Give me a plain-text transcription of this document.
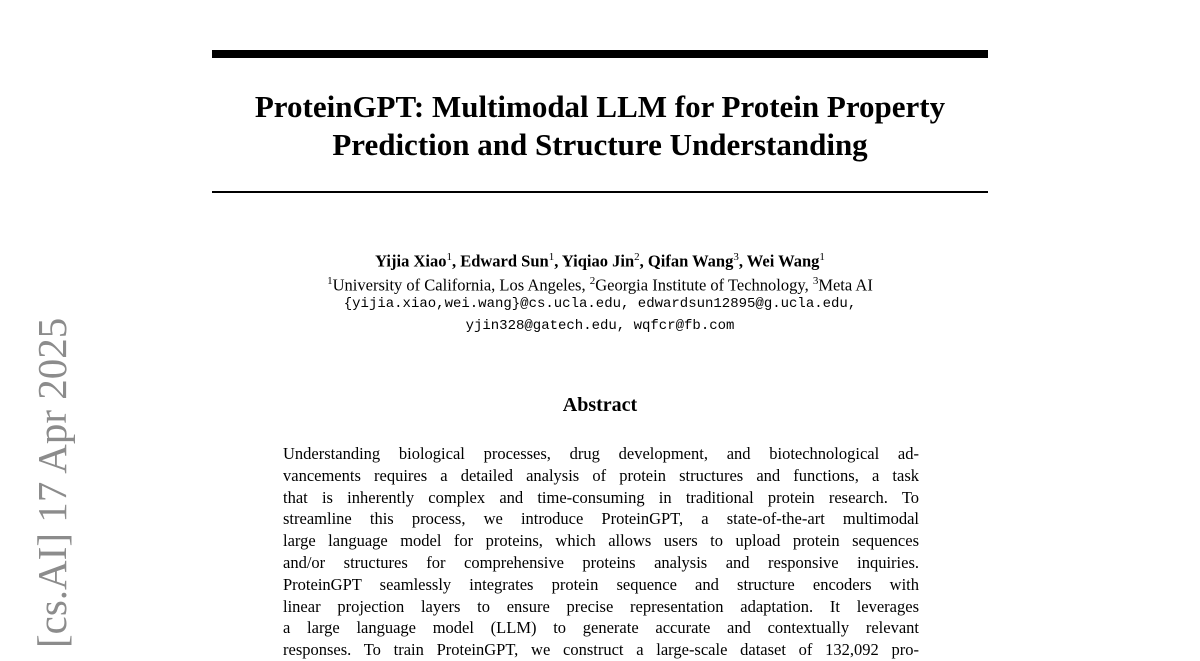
ProteinGPT: Multimodal LLM for Protein Property
Prediction and Structure Understanding
Yijia Xiao$^1$, Edward Sun$^1$, Yiqiao Jin$^2$, Qifan Wang$^3$, Wei Wang$^1$
$^1$University of California, Los Angeles, $^2$Georgia Institute of Technology, $^3$Meta AI
{yijia.xiao,wei.wang}@cs.ucla.edu, edwardsun12895@g.ucla.edu,
yjin328@gatech.edu, wqfcr@fb.com
Abstract
Understanding biological processes, drug development, and biotechnological ad-
vancements requires a detailed analysis of protein structures and functions, a task
that is inherently complex and time-consuming in traditional protein research. To
streamline this process, we introduce ProteinGPT, a state-of-the-art multimodal
large language model for proteins, which allows users to upload protein sequences
and/or structures for comprehensive proteins analysis and responsive inquiries.
ProteinGPT seamlessly integrates protein sequence and structure encoders with
linear projection layers to ensure precise representation adaptation. It leverages
a large language model (LLM) to generate accurate and contextually relevant
responses. To train ProteinGPT, we construct a large-scale dataset of 132,092 pro-
[cs.AI] 17 Apr 2025
